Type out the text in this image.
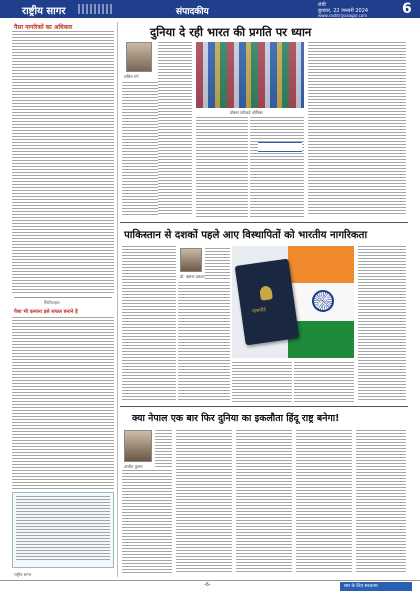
राष्ट्रीय सागर	संपादकीय
रांची
बुधवार, 22 जनवरी 2024
www.rashtriyasagar.com 6
पैसा नागरिकों का अधिकार
सिटीफाइल
पैसा भी कमाना इसे सफल बनाने है
राष्ट्रीय सागर
दुनिया दे रही भारत की प्रगति पर ध्यान
ललित गर्ग
डॉक्टर फॉरवर्ड ऑफिस
पाकिस्तान से दशकों पहले आए विस्थापितों को भारतीय नागरिकता
डॉ. ऋषभ प्रकाश
पासपोर्ट
क्या नेपाल एक बार फिर दुनिया का इकलौता हिंदू राष्ट्र बनेगा!
अजीत कुमार
-6-	सार के लिए सरलतम
